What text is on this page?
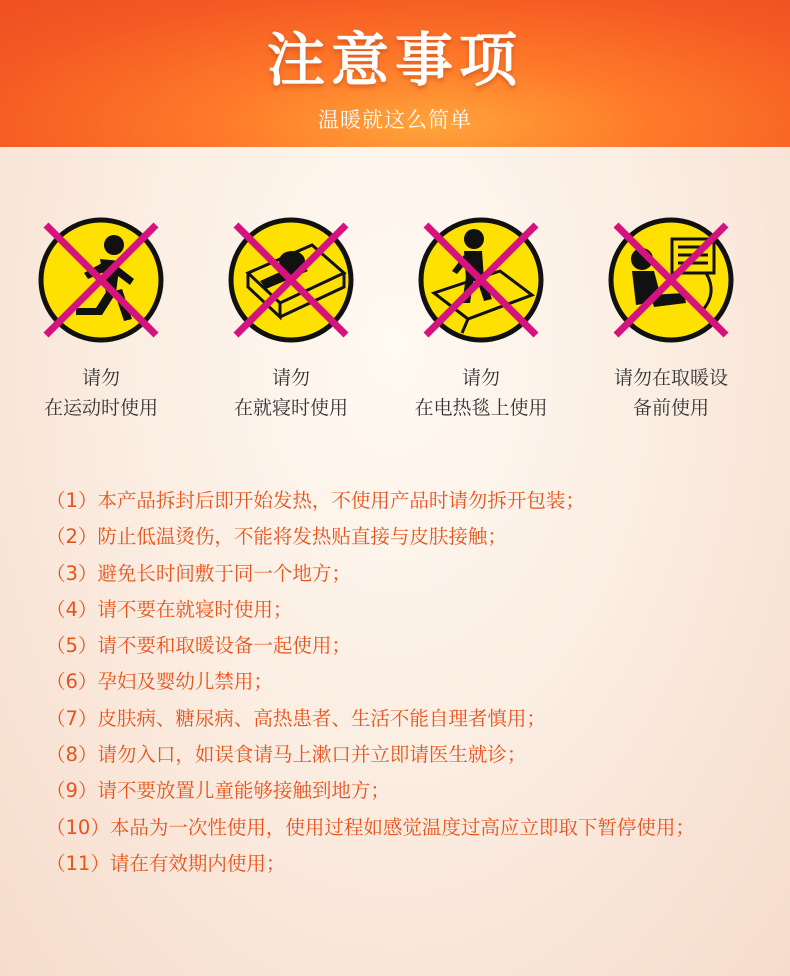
注意事项
温暖就这么简单
请勿
在运动时使用
请勿
在就寝时使用
请勿
在电热毯上使用
请勿在取暖设
备前使用
（1）本产品拆封后即开始发热，不使用产品时请勿拆开包装；
（2）防止低温烫伤，不能将发热贴直接与皮肤接触；
（3）避免长时间敷于同一个地方；
（4）请不要在就寝时使用；
（5）请不要和取暖设备一起使用；
（6）孕妇及婴幼儿禁用；
（7）皮肤病、糖尿病、高热患者、生活不能自理者慎用；
（8）请勿入口，如误食请马上漱口并立即请医生就诊；
（9）请不要放置儿童能够接触到地方；
（10）本品为一次性使用，使用过程如感觉温度过高应立即取下暂停使用；
（11）请在有效期内使用；
